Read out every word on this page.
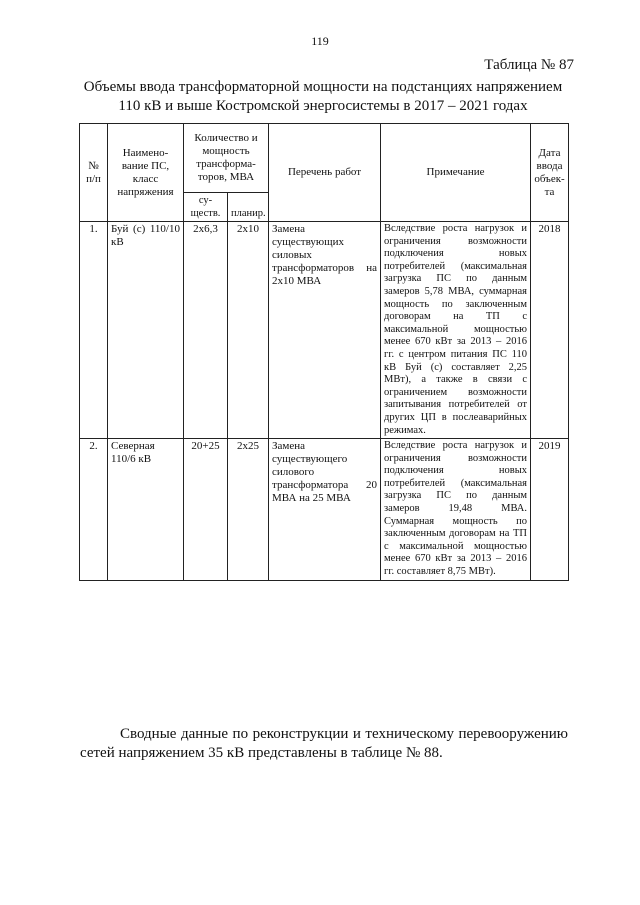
119
Таблица № 87
Объемы ввода трансформаторной мощности на подстанциях напряжением 110 кВ и выше Костромской энергосистемы в 2017 – 2021 годах
№ п/п	Наимено-вание ПС, класс напряжения	Количество и мощность трансформа-торов, МВА		Перечень работ	Примечание	Дата ввода объек-та
		су-ществ.	планир.			
1.	Буй (с) 110/10 кВ	2х6,3	2х10	Замена существующих силовых трансформаторов на 2х10 МВА	Вследствие роста нагрузок и ограничения возможности подключения новых потребителей (максимальная загрузка ПС по данным замеров 5,78 МВА, суммарная мощность по заключенным договорам на ТП с максимальной мощностью менее 670 кВт за 2013 – 2016 гг. с центром питания ПС 110 кВ Буй (с) составляет 2,25 МВт), а также в связи с ограничением возможности запитывания потребителей от других ЦП в послеаварийных режимах.	2018
2.	Северная 110/6 кВ	20+25	2х25	Замена существующего силового трансформатора 20 МВА на 25 МВА	Вследствие роста нагрузок и ограничения возможности подключения новых потребителей (максимальная загрузка ПС по данным замеров 19,48 МВА. Суммарная мощность по заключенным договорам на ТП с максимальной мощностью менее 670 кВт за 2013 – 2016 гг. составляет 8,75 МВт).	2019
Сводные данные по реконструкции и техническому перевооружению сетей напряжением 35 кВ представлены в таблице № 88.
